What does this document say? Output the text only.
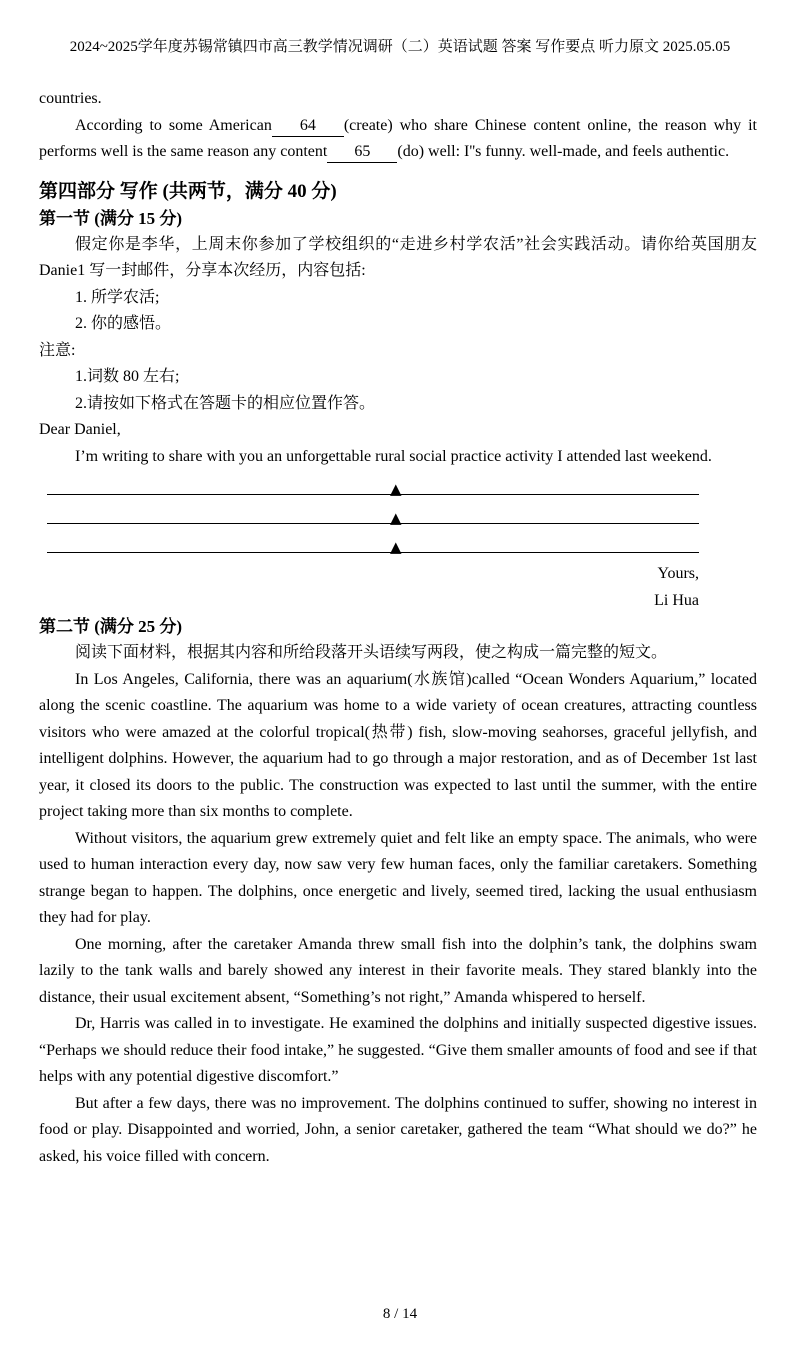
2024~2025学年度苏锡常镇四市高三教学情况调研（二）英语试题 答案 写作要点 听力原文 2025.05.05

countries.

According to some American 64 (create) who share Chinese content online, the reason why it performs well is the same reason any content 65 (do) well: I''s funny. well-made, and feels authentic.

第四部分 写作 (共两节，满分 40 分)
第一节 (满分 15 分)

假定你是李华，上周末你参加了学校组织的“走进乡村学农活”社会实践活动。请你给英国朋友 Danie1 写一封邮件，分享本次经历，内容包括:

1. 所学农活;

2. 你的感悟。

注意:

1.词数 80 左右;

2.请按如下格式在答题卡的相应位置作答。

Dear Daniel,

I’m writing to share with you an unforgettable rural social practice activity I attended last weekend.

▲
▲
▲

Yours,

Li Hua

第二节 (满分 25 分)

阅读下面材料，根据其内容和所给段落开头语续写两段，使之构成一篇完整的短文。

In Los Angeles, California, there was an aquarium(水族馆)called “Ocean Wonders Aquarium,” located along the scenic coastline. The aquarium was home to a wide variety of ocean creatures, attracting countless visitors who were amazed at the colorful tropical(热带) fish, slow-moving seahorses, graceful jellyfish, and intelligent dolphins. However, the aquarium had to go through a major restoration, and as of December 1st last year, it closed its doors to the public. The construction was expected to last until the summer, with the entire project taking more than six months to complete.

Without visitors, the aquarium grew extremely quiet and felt like an empty space. The animals, who were used to human interaction every day, now saw very few human faces, only the familiar caretakers. Something strange began to happen. The dolphins, once energetic and lively, seemed tired, lacking the usual enthusiasm they had for play.

One morning, after the caretaker Amanda threw small fish into the dolphin’s tank, the dolphins swam lazily to the tank walls and barely showed any interest in their favorite meals. They stared blankly into the distance, their usual excitement absent, “Something’s not right,” Amanda whispered to herself.

Dr, Harris was called in to investigate. He examined the dolphins and initially suspected digestive issues. “Perhaps we should reduce their food intake,” he suggested. “Give them smaller amounts of food and see if that helps with any potential digestive discomfort.”

But after a few days, there was no improvement. The dolphins continued to suffer, showing no interest in food or play. Disappointed and worried, John, a senior caretaker, gathered the team “What should we do?” he asked, his voice filled with concern.

8 / 14
